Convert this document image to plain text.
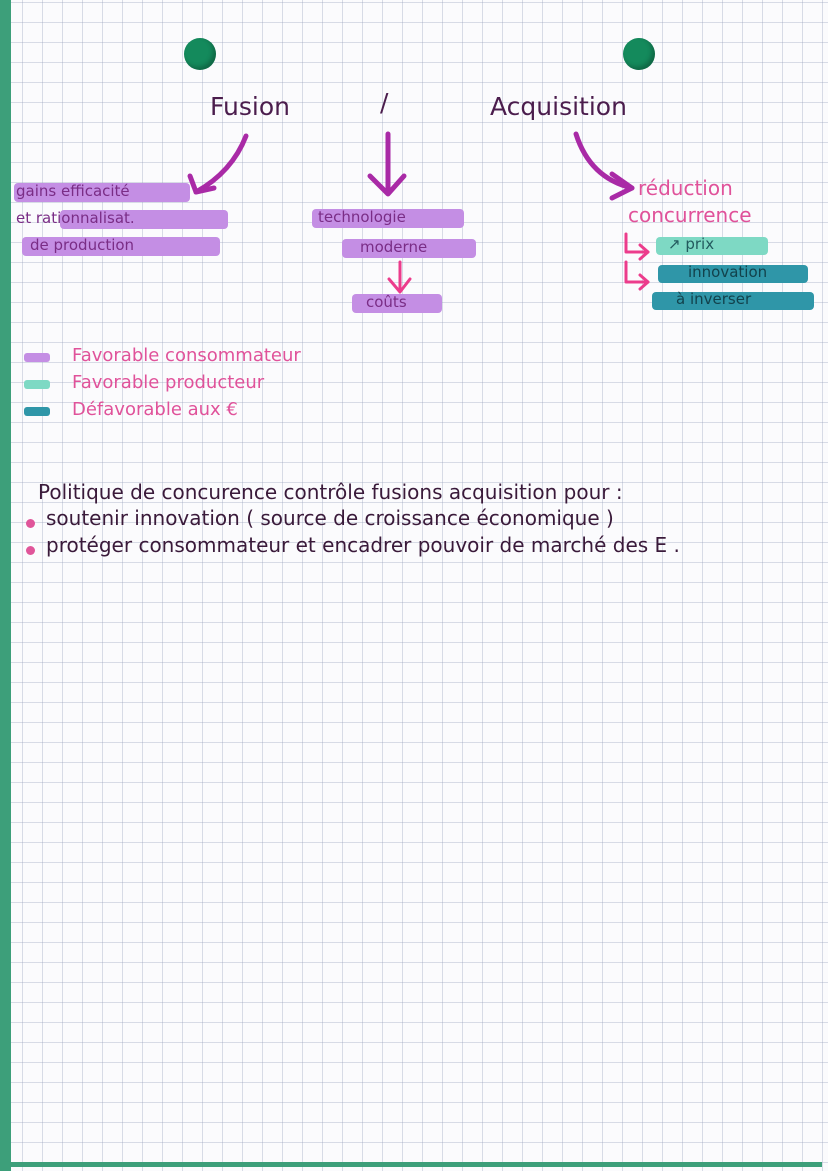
Fusion	/	Acquisition
gains efficacité
et rationnalisat.
de production
technologie
moderne
coûts
réduction
concurrence
↗ prix
innovation
à inverser
Favorable consommateur
Favorable producteur
Défavorable aux €
Politique de concurence contrôle fusions acquisition pour :
soutenir innovation ( source de croissance économique )
protéger consommateur et encadrer pouvoir de marché des E .
